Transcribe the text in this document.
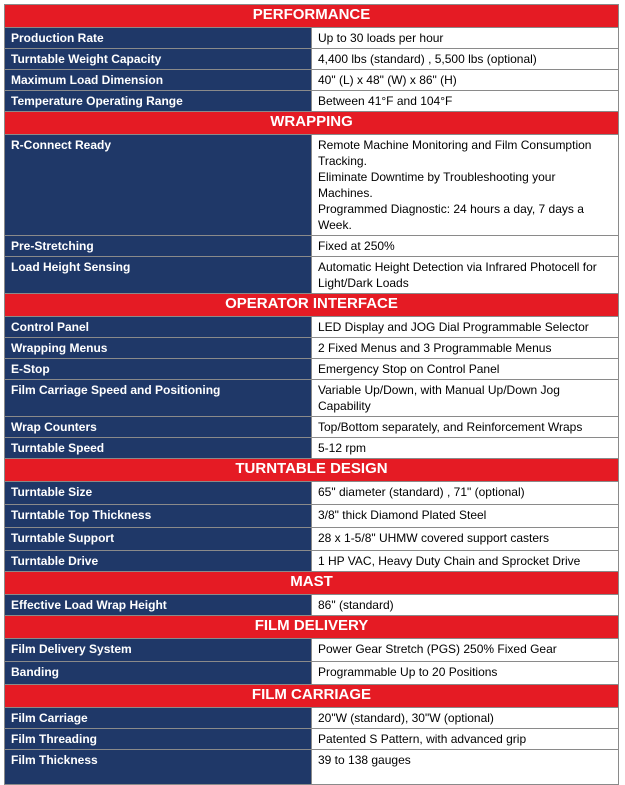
PERFORMANCE	
Production Rate	Up to 30 loads per hour

Turntable Weight Capacity	4,400 lbs (standard) , 5,500 lbs (optional)

Maximum Load Dimension	40" (L) x 48" (W) x 86" (H)

Temperature Operating Range	Between 41°F and 104°F

WRAPPING	
R-Connect Ready	Remote Machine Monitoring and Film Consumption Tracking.
Eliminate Downtime by Troubleshooting your Machines.
Programmed Diagnostic: 24 hours a day, 7 days a Week.

Pre-Stretching	Fixed at 250%

Load Height Sensing	Automatic Height Detection via Infrared Photocell for
Light/Dark Loads

OPERATOR INTERFACE	
Control Panel	LED Display and JOG Dial Programmable Selector

Wrapping Menus	2 Fixed Menus and 3 Programmable Menus

E-Stop	Emergency Stop on Control Panel

Film Carriage Speed and Positioning	Variable Up/Down, with Manual Up/Down Jog Capability

Wrap Counters	Top/Bottom separately, and Reinforcement Wraps

Turntable Speed	5-12 rpm

TURNTABLE DESIGN	
Turntable Size	65" diameter (standard) , 71" (optional)

Turntable Top Thickness	3/8" thick Diamond Plated Steel

Turntable Support	28 x 1-5/8" UHMW covered support casters

Turntable Drive	1 HP VAC, Heavy Duty Chain and Sprocket Drive

MAST	
Effective Load Wrap Height	86" (standard)

FILM DELIVERY	
Film Delivery System	Power Gear Stretch (PGS) 250% Fixed Gear

Banding	Programmable Up to 20 Positions

FILM CARRIAGE	
Film Carriage	20"W (standard), 30"W (optional)

Film Threading	Patented S Pattern, with advanced grip

Film Thickness	39 to 138 gauges
